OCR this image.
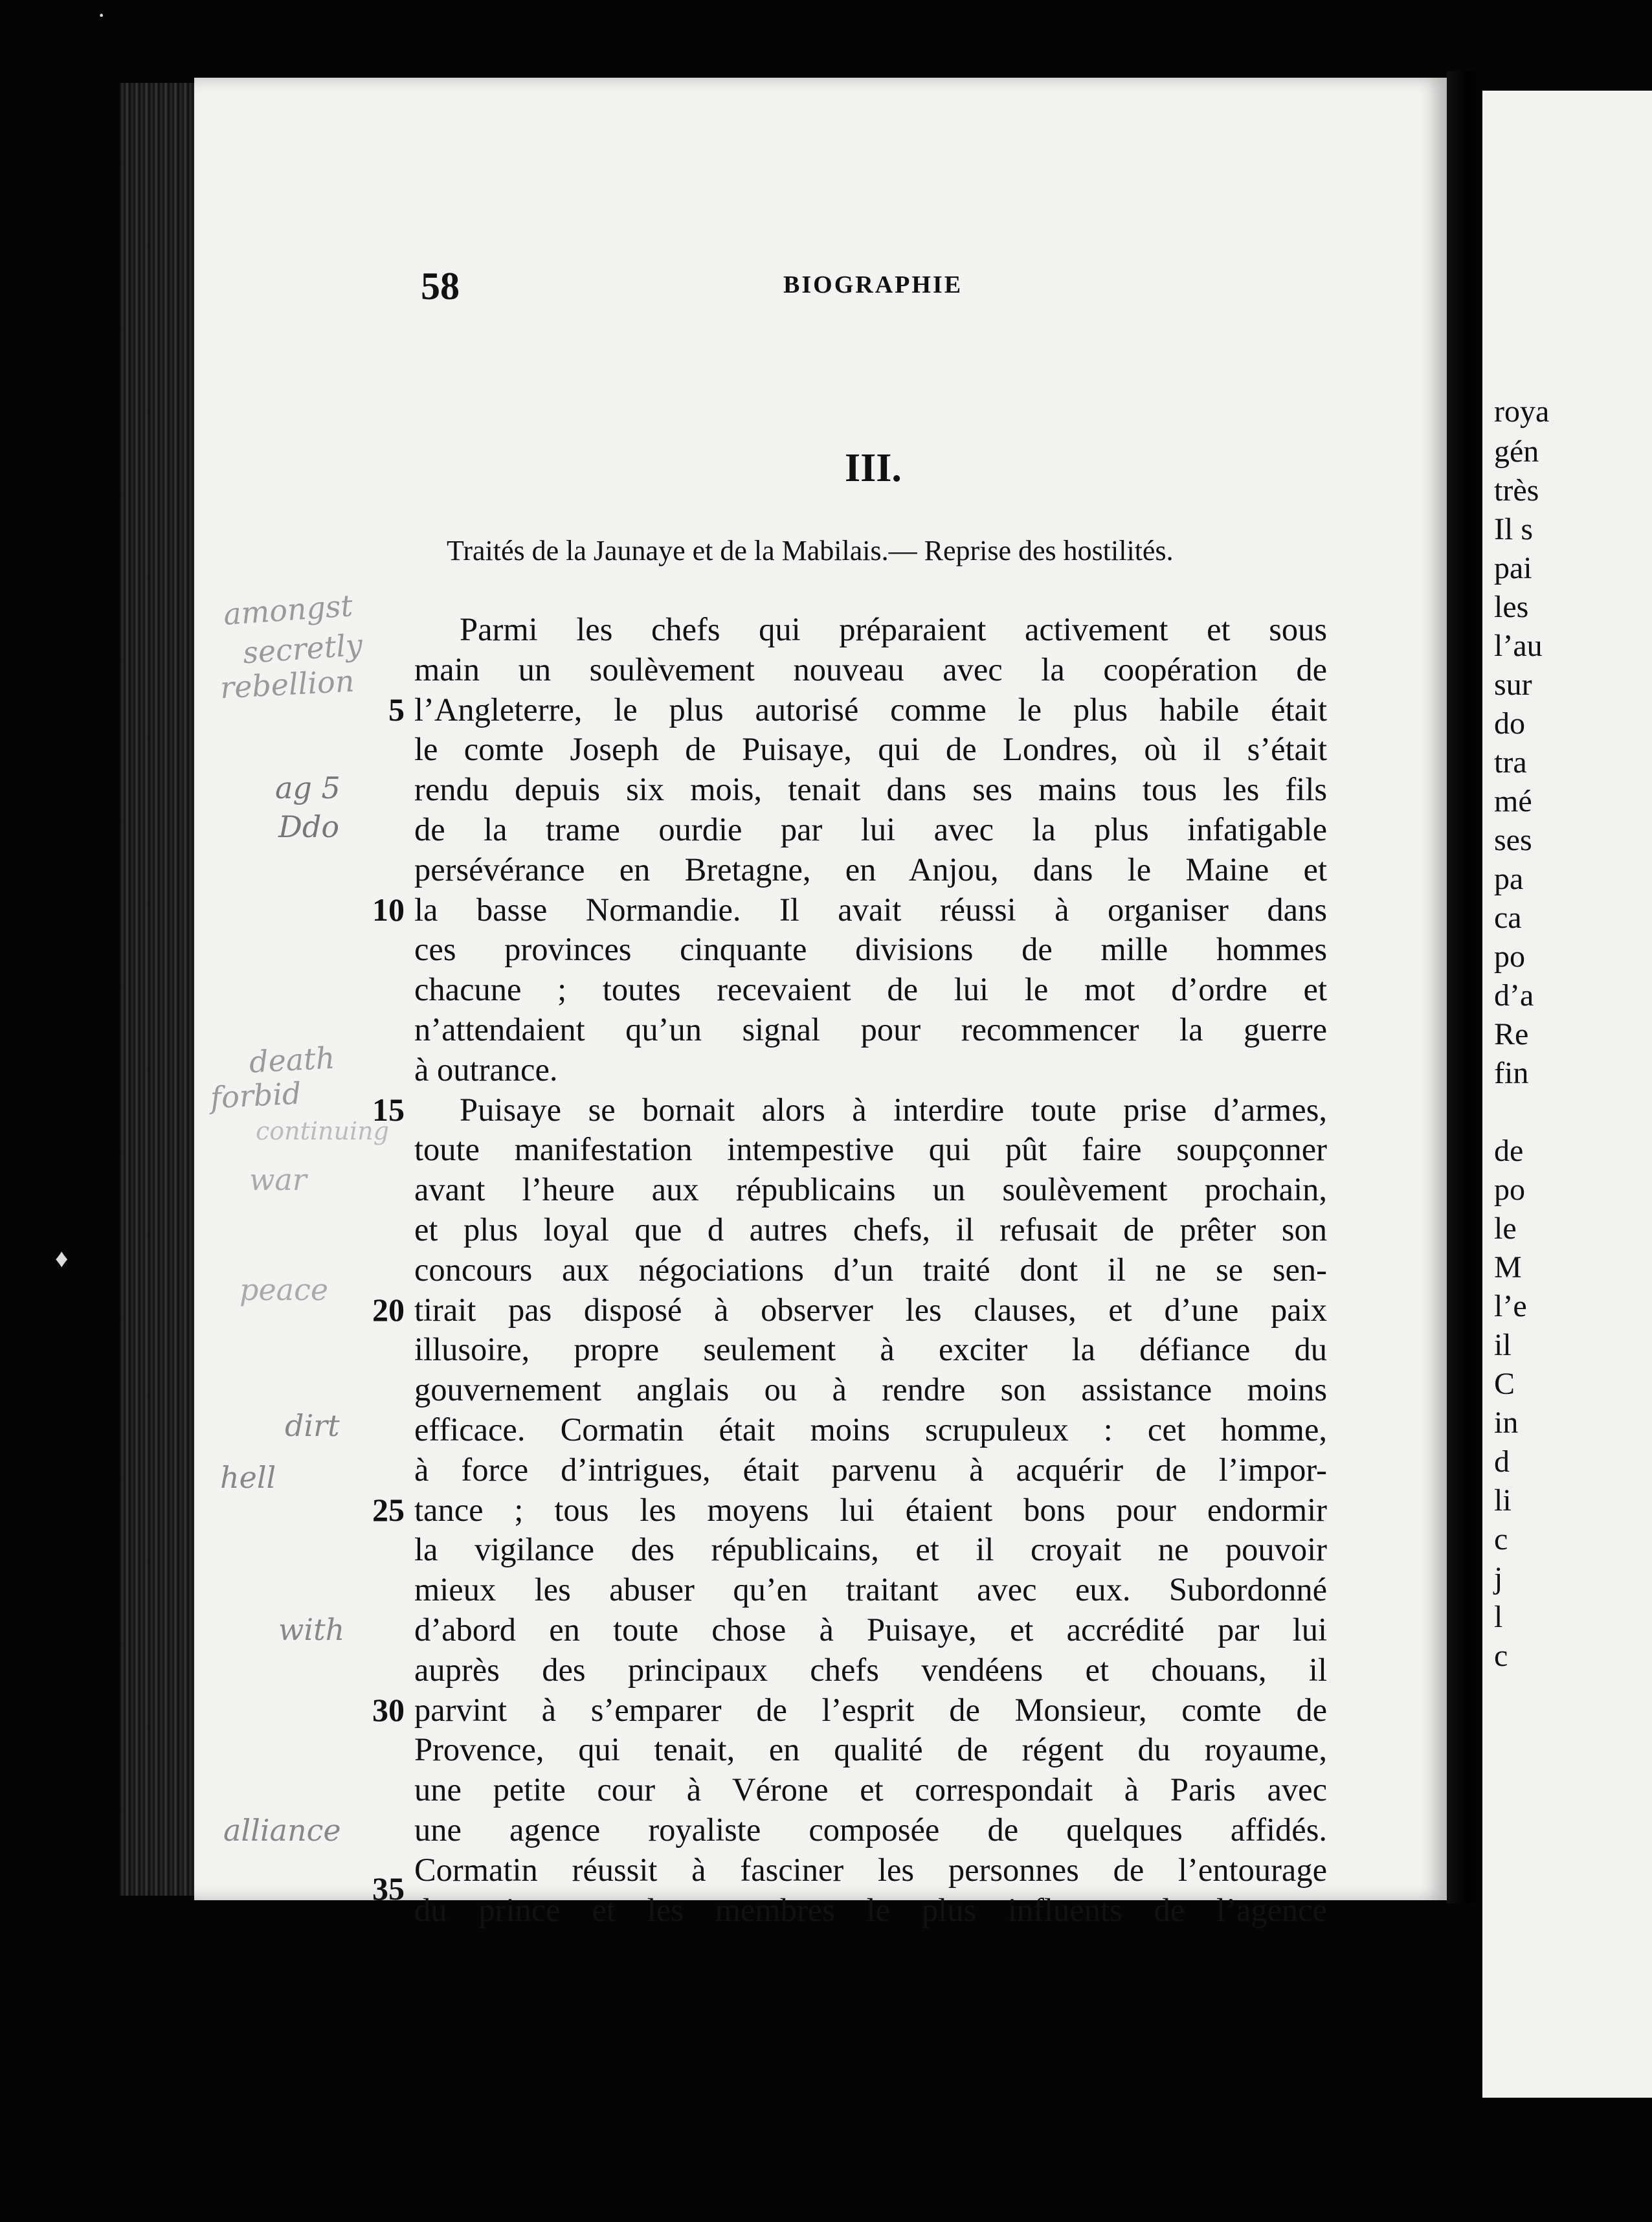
roya
gén
très
Il s
pai
les
l’au
sur
do
tra
mé
ses
pa
ca
po
d’a
Re
fin
de
po
le
M
l’e
il
C
in
d
li
c
j
l
c
·
♦
58	BIOGRAPHIE
III.
Traités de la Jaunaye et de la Mabilais.— Reprise des hostilités.
Parmi les chefs qui préparaient activement et sous
main un soulèvement nouveau avec la coopération de
l’Angleterre, le plus autorisé comme le plus habile était
le comte Joseph de Puisaye, qui de Londres, où il s’était
rendu depuis six mois, tenait dans ses mains tous les fils
de la trame ourdie par lui avec la plus infatigable
persévérance en Bretagne, en Anjou, dans le Maine et
la basse Normandie. Il avait réussi à organiser dans
ces provinces cinquante divisions de mille hommes
chacune ; toutes recevaient de lui le mot d’ordre et
n’attendaient qu’un signal pour recommencer la guerre
à outrance.
Puisaye se bornait alors à interdire toute prise d’armes,
toute manifestation intempestive qui pût faire soupçonner
avant l’heure aux républicains un soulèvement prochain,
et plus loyal que d autres chefs, il refusait de prêter son
concours aux négociations d’un traité dont il ne se sen-
tirait pas disposé à observer les clauses, et d’une paix
illusoire, propre seulement à exciter la défiance du
gouvernement anglais ou à rendre son assistance moins
efficace. Cormatin était moins scrupuleux : cet homme,
à force d’intrigues, était parvenu à acquérir de l’impor-
tance ; tous les moyens lui étaient bons pour endormir
la vigilance des républicains, et il croyait ne pouvoir
mieux les abuser qu’en traitant avec eux. Subordonné
d’abord en toute chose à Puisaye, et accrédité par lui
auprès des principaux chefs vendéens et chouans, il
parvint à s’emparer de l’esprit de Monsieur, comte de
Provence, qui tenait, en qualité de régent du royaume,
une petite cour à Vérone et correspondait à Paris avec
une agence royaliste composée de quelques affidés.
Cormatin réussit à fasciner les personnes de l’entourage
du prince et les membres le plus influents de l’agence
5
10
15
20
25
30
35
amongst
secretly
rebellion
ag 5
Ddo
death
forbid
continuing
war
peace
dirt
hell
with
alliance
